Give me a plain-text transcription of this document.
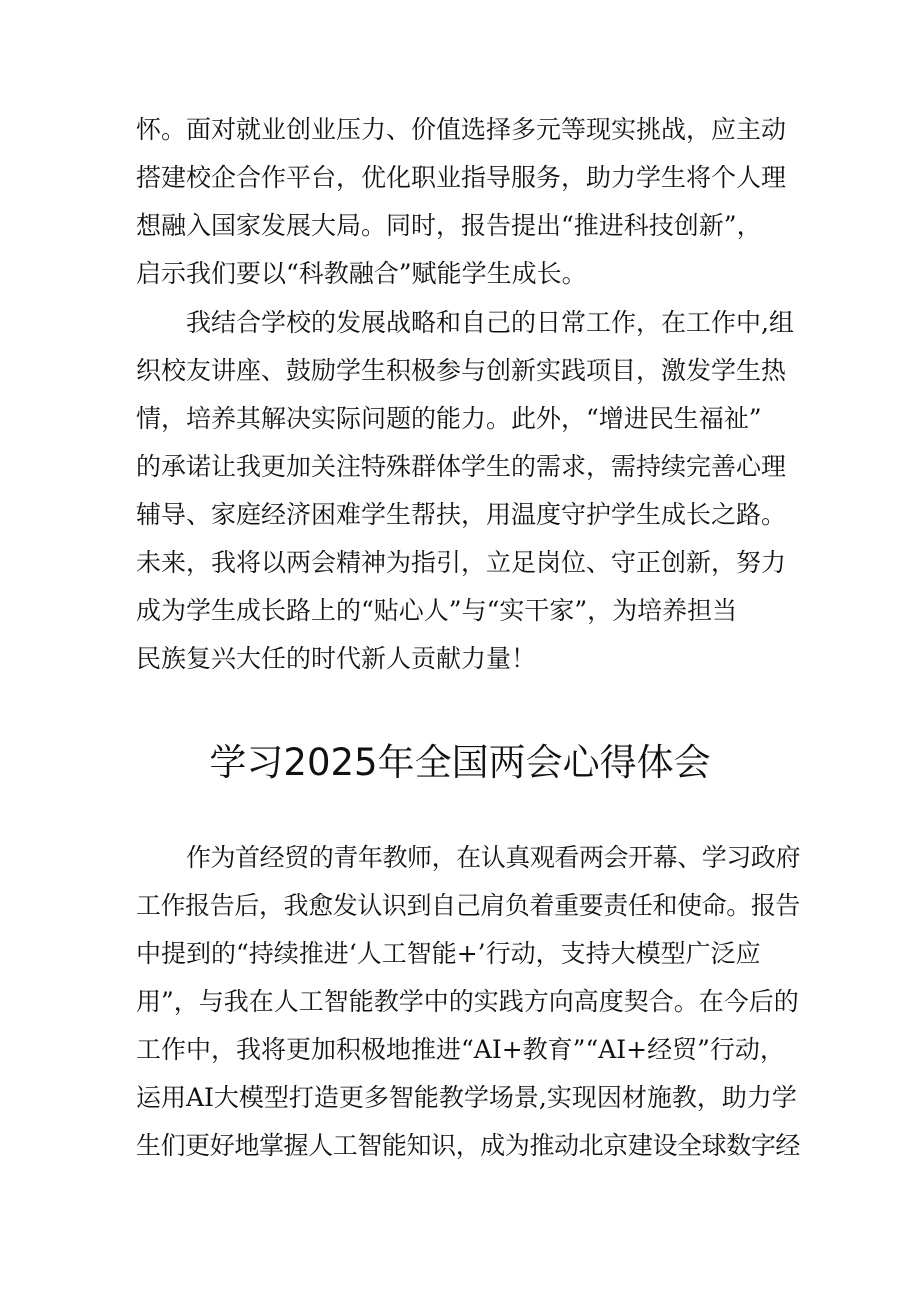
怀。面对就业创业压力、价值选择多元等现实挑战，应主动
搭建校企合作平台，优化职业指导服务，助力学生将个人理
想融入国家发展大局。同时，报告提出“推进科技创新”，
启示我们要以“科教融合”赋能学生成长。
我结合学校的发展战略和自己的日常工作，在工作中,组
织校友讲座、鼓励学生积极参与创新实践项目，激发学生热
情，培养其解决实际问题的能力。此外，“增进民生福祉”
的承诺让我更加关注特殊群体学生的需求，需持续完善心理
辅导、家庭经济困难学生帮扶，用温度守护学生成长之路。
未来，我将以两会精神为指引，立足岗位、守正创新，努力
成为学生成长路上的“贴心人”与“实干家”，为培养担当
民族复兴大任的时代新人贡献力量！
学习2025年全国两会心得体会
作为首经贸的青年教师，在认真观看两会开幕、学习政府
工作报告后，我愈发认识到自己肩负着重要责任和使命。报告
中提到的“持续推进‘人工智能+’行动，支持大模型广泛应
用”，与我在人工智能教学中的实践方向高度契合。在今后的
工作中，我将更加积极地推进“AI+教育”“AI+经贸”行动，
运用AI大模型打造更多智能教学场景,实现因材施教，助力学
生们更好地掌握人工智能知识，成为推动北京建设全球数字经
